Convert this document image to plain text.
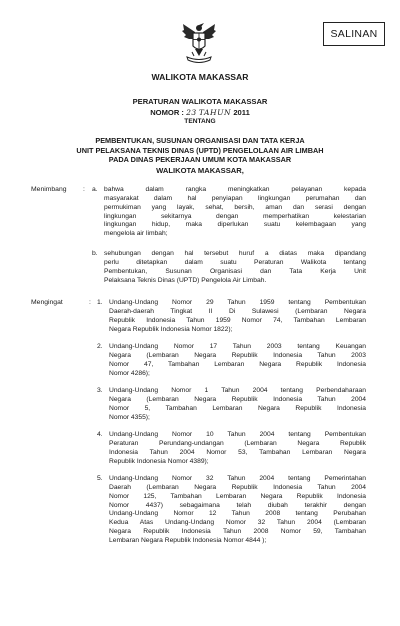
SALINAN
WALIKOTA MAKASSAR
PERATURAN WALIKOTA MAKASSAR
NOMOR : 23 TAHUN 2011
TENTANG
PEMBENTUKAN, SUSUNAN ORGANISASI DAN TATA KERJA
UNIT PELAKSANA TEKNIS DINAS (UPTD) PENGELOLAAN AIR LIMBAH
PADA DINAS PEKERJAAN UMUM KOTA MAKASSAR
WALIKOTA MAKASSAR,
Menimbang : a. bahwa dalam rangka meningkatkan pelayanan kepada
masyarakat dalam hal penyiapan lingkungan perumahan dan
permukiman yang layak, sehat, bersih, aman dan serasi dengan
lingkungan sekitarnya dengan memperhatikan kelestarian
lingkungan hidup, maka diperlukan suatu kelembagaan yang
mengelola air limbah;
b. sehubungan dengan hal tersebut huruf a diatas maka dipandang
perlu ditetapkan dalam suatu Peraturan Walikota tentang
Pembentukan, Susunan Organisasi dan Tata Kerja Unit
Pelaksana Teknis Dinas (UPTD) Pengelola Air Limbah.
Mengingat	: 1. Undang-Undang Nomor 29 Tahun 1959 tentang Pembentukan
Daerah-daerah Tingkat II Di Sulawesi (Lembaran Negara
Republik Indonesia Tahun 1959 Nomor 74, Tambahan Lembaran
Negara Republik Indonesia Nomor 1822);
2. Undang-Undang Nomor 17 Tahun 2003 tentang Keuangan
Negara (Lembaran Negara Republik Indonesia Tahun 2003
Nomor 47, Tambahan Lembaran Negara Republik Indonesia
Nomor 4286);
3. Undang-Undang Nomor 1 Tahun 2004 tentang Perbendaharaan
Negara (Lembaran Negara Republik Indonesia Tahun 2004
Nomor 5, Tambahan Lembaran Negara Republik Indonesia
Nomor 4355);
4. Undang-Undang Nomor 10 Tahun 2004 tentang Pembentukan
Peraturan Perundang-undangan (Lembaran Negara Republik
Indonesia Tahun 2004 Nomor 53, Tambahan Lembaran Negara
Republik Indonesia Nomor 4389);
5. Undang-Undang Nomor 32 Tahun 2004 tentang Pemerintahan
Daerah (Lembaran Negara Republik Indonesia Tahun 2004
Nomor 125, Tambahan Lembaran Negara Republik Indonesia
Nomor 4437) sebagaimana telah diubah terakhir dengan
Undang-Undang Nomor 12 Tahun 2008 tentang Perubahan
Kedua Atas Undang-Undang Nomor 32 Tahun 2004 (Lembaran
Negara Republik Indonesia Tahun 2008 Nomor 59, Tambahan
Lembaran Negara Republik Indonesia Nomor 4844 );
